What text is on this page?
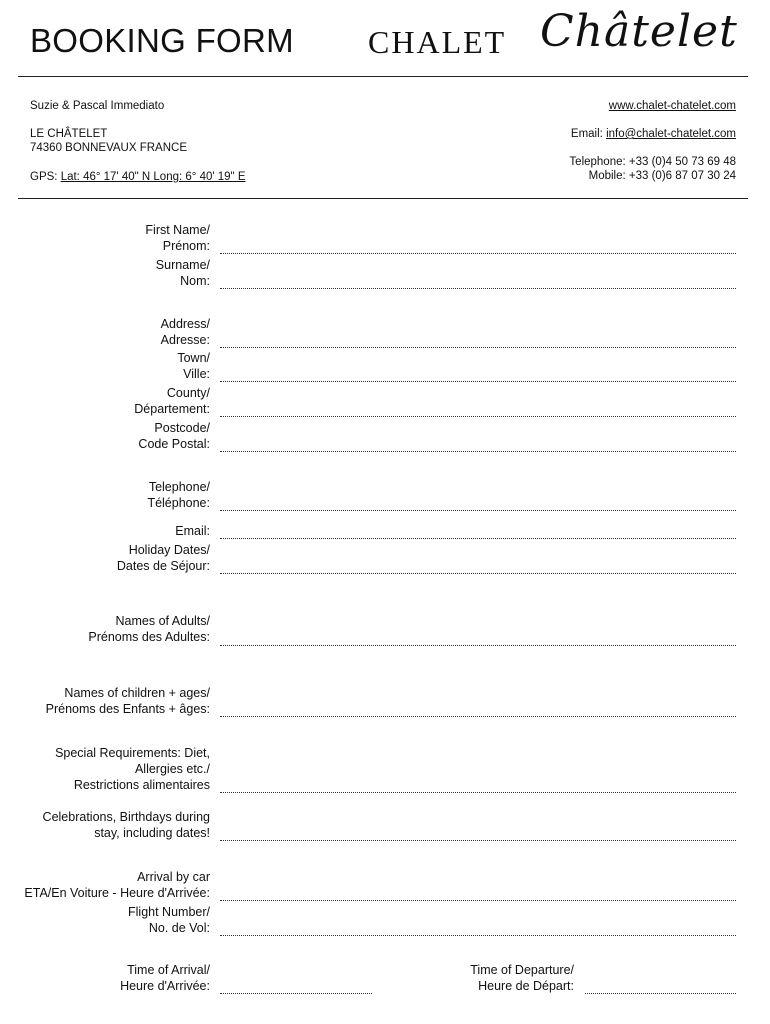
BOOKING FORM CHALET Châtelet
Suzie & Pascal Immediato
LE CHÂTELET
74360 BONNEVAUX FRANCE
GPS: Lat: 46° 17' 40" N Long: 6° 40' 19" E
www.chalet-chatelet.com
Email: info@chalet-chatelet.com
Telephone: +33 (0)4 50 73 69 48
Mobile: +33 (0)6 87 07 30 24
First Name/
Prénom:
Surname/
Nom:
Address/
Adresse:
Town/
Ville:
County/
Département:
Postcode/
Code Postal:
Telephone/
Téléphone:
Email:
Holiday Dates/
Dates de Séjour:
Names of Adults/
Prénoms des Adultes:
Names of children + ages/
Prénoms des Enfants + âges:
Special Requirements: Diet,
Allergies etc./
Restrictions alimentaires
Celebrations, Birthdays during
stay, including dates!
Arrival by car
ETA/En Voiture - Heure d'Arrivée:
Flight Number/
No. de Vol:
Time of Arrival/
Heure d'Arrivée:
Time of Departure/
Heure de Départ:
